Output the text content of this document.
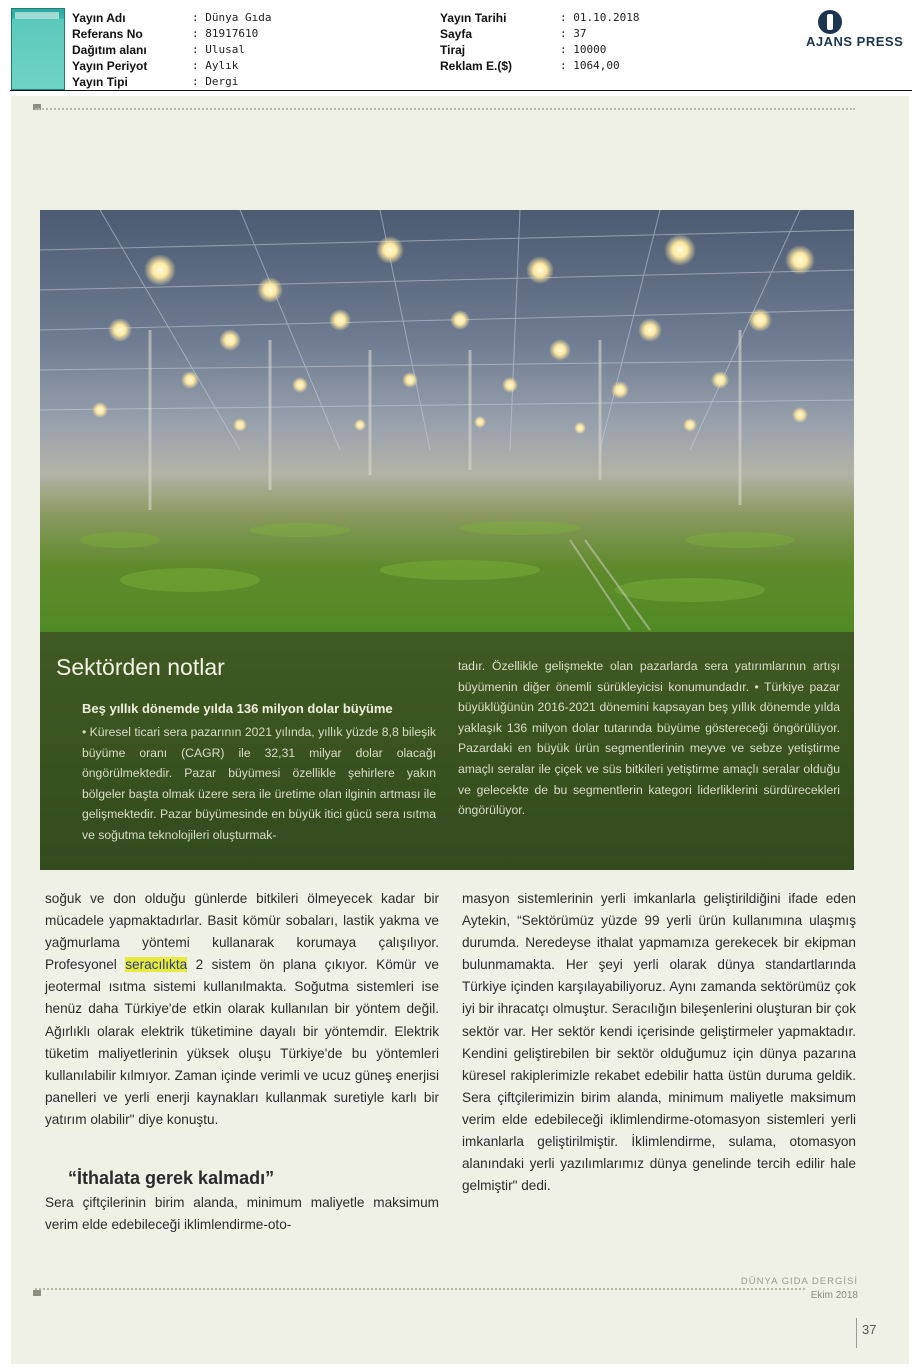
Yayın Adı	: Dünya Gıda
Referans No	: 81917610
Dağıtım alanı	: Ulusal
Yayın Periyot	: Aylık
Yayın Tipi	: Dergi
Yayın Tarihi	: 01.10.2018
Sayfa	: 37
Tiraj	: 10000
Reklam E.($)	: 1064,00
AJANS PRESS
Sektörden notlar
Beş yıllık dönemde yılda 136 milyon dolar büyüme
• Küresel ticari sera pazarının 2021 yılında, yıllık yüzde 8,8 bileşik büyüme oranı (CAGR) ile 32,31 milyar dolar olacağı öngörülmektedir. Pazar büyümesi özellikle şehirlere yakın bölgeler başta olmak üzere sera ile üretime olan ilginin artması ile gelişmektedir. Pazar büyümesinde en büyük itici gücü sera ısıtma ve soğutma teknolojileri oluşturmak-
tadır. Özellikle gelişmekte olan pazarlarda sera yatırımlarının artışı büyümenin diğer önemli sürükleyicisi konumundadır. • Türkiye pazar büyüklüğünün 2016-2021 dönemini kapsayan beş yıllık dönemde yılda yaklaşık 136 milyon dolar tutarında büyüme göstereceği öngörülüyor. Pazardaki en büyük ürün segmentlerinin meyve ve sebze yetiştirme amaçlı seralar ile çiçek ve süs bitkileri yetiştirme amaçlı seralar olduğu ve gelecekte de bu segmentlerin kategori liderliklerini sürdürecekleri öngörülüyor.
soğuk ve don olduğu günlerde bitkileri ölmeyecek kadar bir mücadele yapmaktadırlar. Basit kömür sobaları, lastik yakma ve yağmurlama yöntemi kullanarak korumaya çalışılıyor. Profesyonel seracılıkta 2 sistem ön plana çıkıyor. Kömür ve jeotermal ısıtma sistemi kullanılmakta. Soğutma sistemleri ise henüz daha Türkiye'de etkin olarak kullanılan bir yöntem değil. Ağırlıklı olarak elektrik tüketimine dayalı bir yöntemdir. Elektrik tüketim maliyetlerinin yüksek oluşu Türkiye'de bu yöntemleri kullanılabilir kılmıyor. Zaman içinde verimli ve ucuz güneş enerjisi panelleri ve yerli enerji kaynakları kullanmak suretiyle karlı bir yatırım olabilir" diye konuştu.
“İthalata gerek kalmadı”
Sera çiftçilerinin birim alanda, minimum maliyetle maksimum verim elde edebileceği iklimlendirme-oto-
masyon sistemlerinin yerli imkanlarla geliştirildiğini ifade eden Aytekin, “Sektörümüz yüzde 99 yerli ürün kullanımına ulaşmış durumda. Neredeyse ithalat yapmamıza gerekecek bir ekipman bulunmamakta. Her şeyi yerli olarak dünya standartlarında Türkiye içinden karşılayabiliyoruz. Aynı zamanda sektörümüz çok iyi bir ihracatçı olmuştur. Seracılığın bileşenlerini oluşturan bir çok sektör var. Her sektör kendi içerisinde geliştirmeler yapmaktadır. Kendini geliştirebilen bir sektör olduğumuz için dünya pazarına küresel rakiplerimizle rekabet edebilir hatta üstün duruma geldik. Sera çiftçilerimizin birim alanda, minimum maliyetle maksimum verim elde edebileceği iklimlendirme-otomasyon sistemleri yerli imkanlarla geliştirilmiştir. İklimlendirme, sulama, otomasyon alanındaki yerli yazılımlarımız dünya genelinde tercih edilir hale gelmiştir" dedi.
DÜNYA GIDA DERGİSİ
Ekim 2018
37
